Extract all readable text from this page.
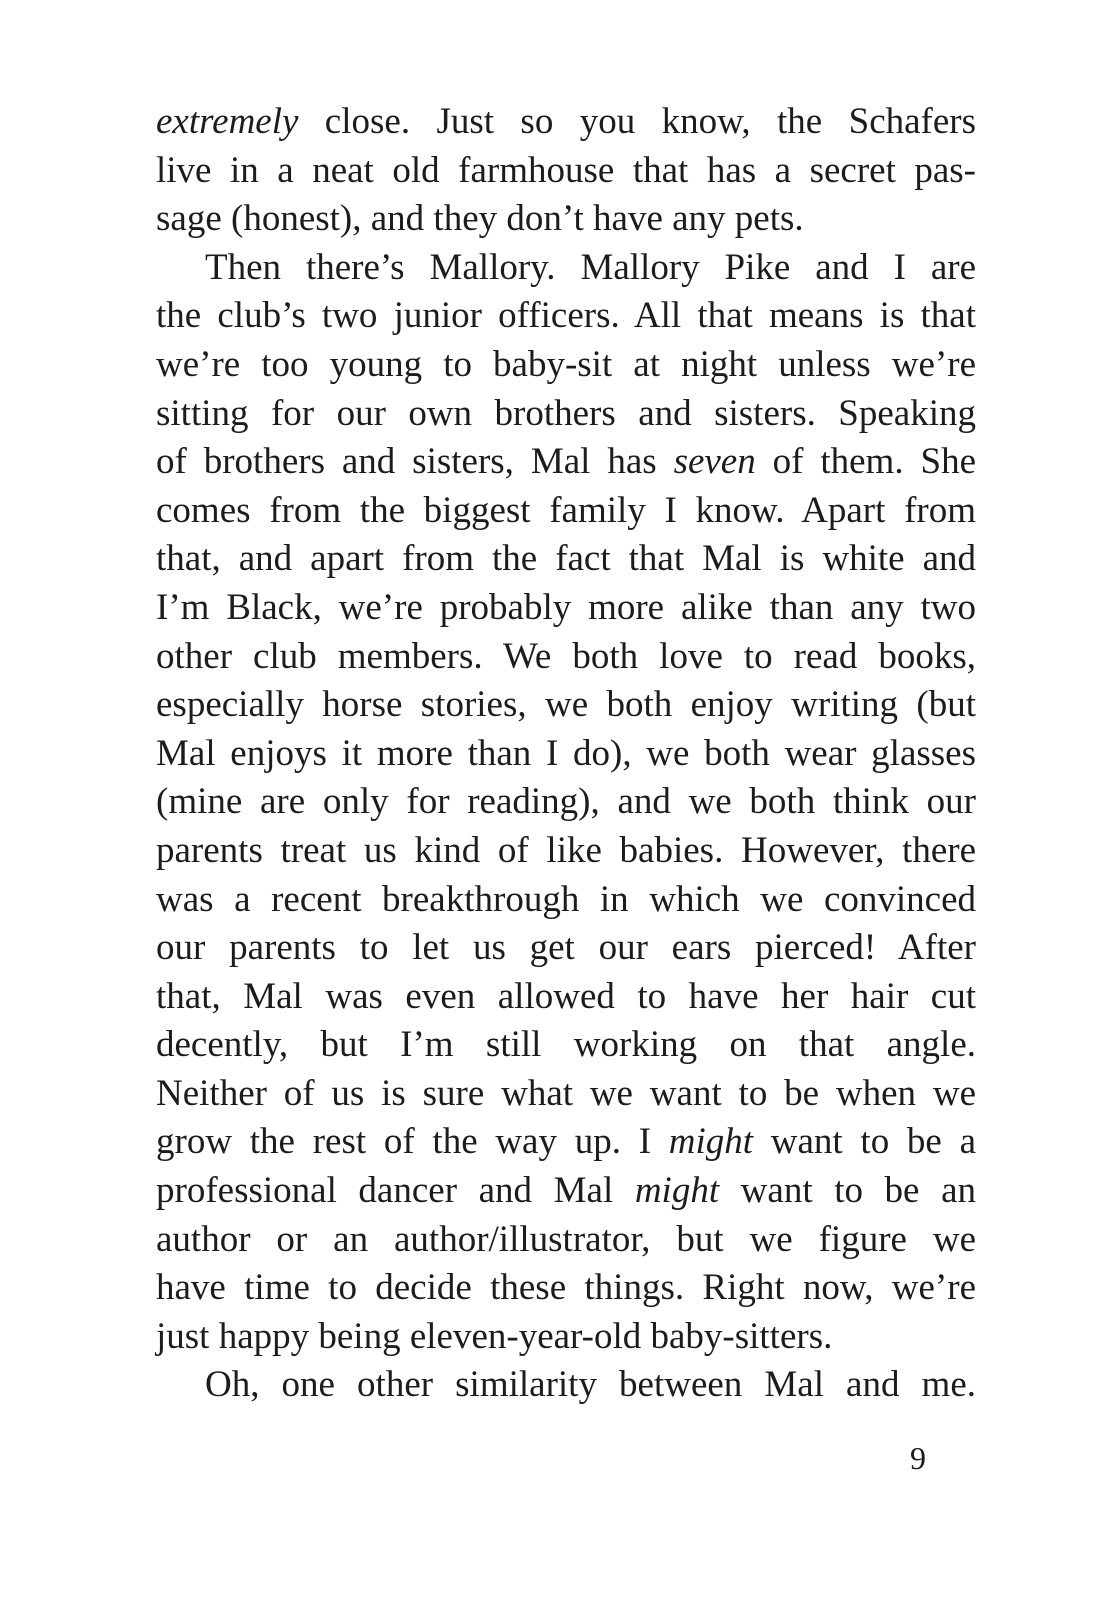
extremely close. Just so you know, the Schafers
live in a neat old farmhouse that has a secret pas-
sage (honest), and they don’t have any pets.
Then there’s Mallory. Mallory Pike and I are
the club’s two junior officers. All that means is that
we’re too young to baby-sit at night unless we’re
sitting for our own brothers and sisters. Speaking
of brothers and sisters, Mal has seven of them. She
comes from the biggest family I know. Apart from
that, and apart from the fact that Mal is white and
I’m Black, we’re probably more alike than any two
other club members. We both love to read books,
especially horse stories, we both enjoy writing (but
Mal enjoys it more than I do), we both wear glasses
(mine are only for reading), and we both think our
parents treat us kind of like babies. However, there
was a recent breakthrough in which we convinced
our parents to let us get our ears pierced! After
that, Mal was even allowed to have her hair cut
decently, but I’m still working on that angle.
Neither of us is sure what we want to be when we
grow the rest of the way up. I might want to be a
professional dancer and Mal might want to be an
author or an author/illustrator, but we figure we
have time to decide these things. Right now, we’re
just happy being eleven-year-old baby-sitters.
Oh, one other similarity between Mal and me.
9
